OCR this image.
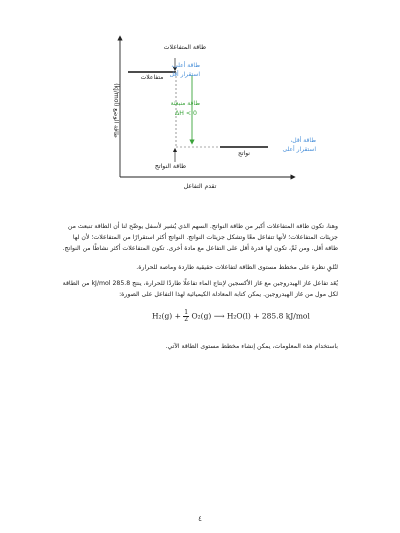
طاقة الوضع (kJ/mol)
تقدم التفاعل
طاقة المتفاعلات
متفاعلات
طاقة أعلى،
استقرار أقل
طاقة منبعثة
ΔH < 0
نواتج
طاقة أقل،
استقرار أعلى
طاقة النواتج
وهنا، تكون طاقة المتفاعلات أكبر من طاقة النواتج. السهم الذي يُشير لأسفل يوضّح لنا أن الطاقة تنبعث من جزيئات المتفاعلات؛ لأنها تتفاعل معًا وتشكل جزيئات النواتج. النواتج أكثر استقرارًا من المتفاعلات؛ لأن لها طاقة أقل. ومن ثَمَّ، تكون لها قدرة أقل على التفاعل مع مادة أخرى. تكون المتفاعلات أكثر نشاطًا من النواتج.
لنُلقِ نظرة على مخطط مستوى الطاقة لتفاعلات حقيقية طاردة وماصة للحرارة.
يُعَد تفاعل غاز الهيدروجين مع غاز الأكسجين لإنتاج الماء تفاعلًا طاردًا للحرارة، ينتج 285.8 kJ/mol من الطاقة لكل مول من غاز الهيدروجين. يمكن كتابة المعادلة الكيميائية لهذا التفاعل على الصورة:
$H_2(g) + \frac{1}{2} O_2(g)$ ⟶ H₂O(l) + 285.8 kJ/mol
باستخدام هذه المعلومات، يمكن إنشاء مخطط مستوى الطاقة الآتي.
٤
